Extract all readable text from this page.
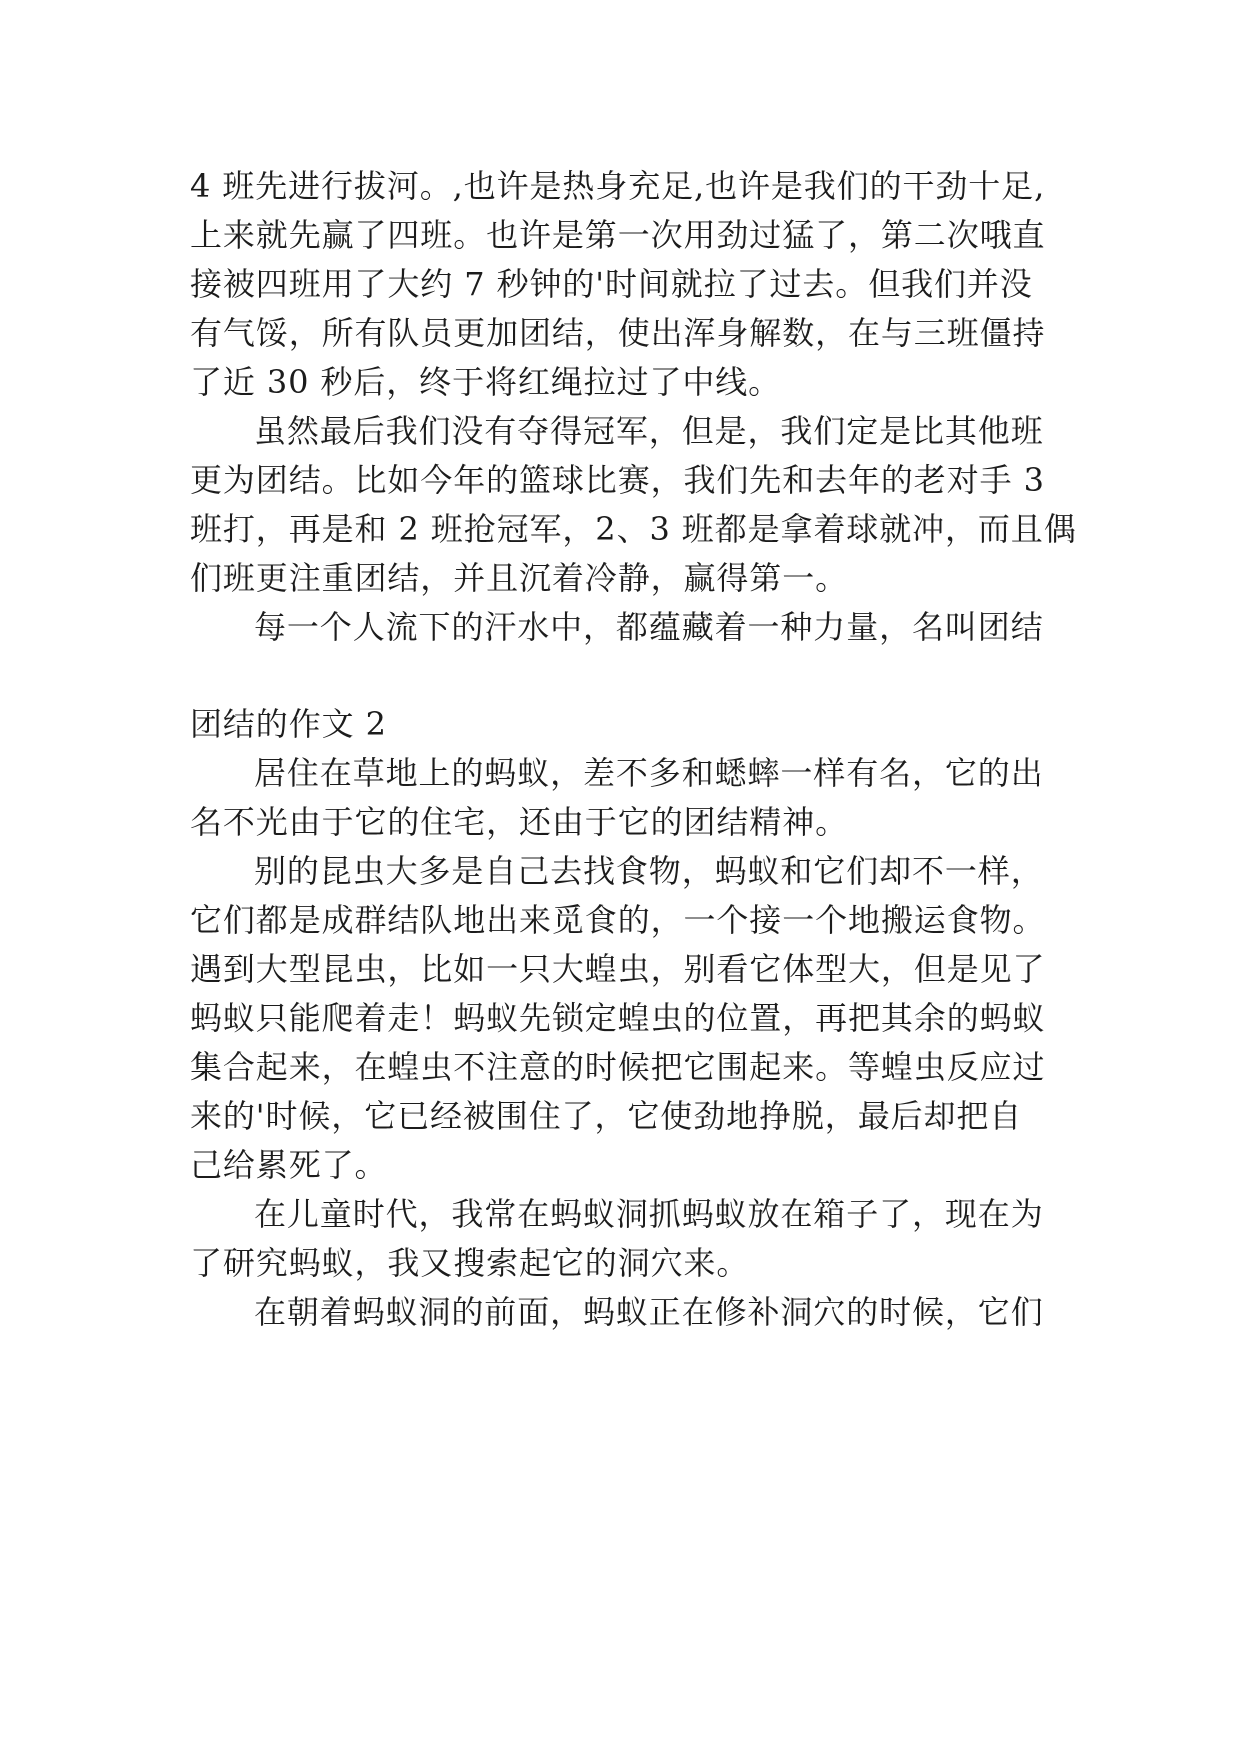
4 班先进行拔河。,也许是热身充足,也许是我们的干劲十足,
上来就先赢了四班。也许是第一次用劲过猛了，第二次哦直
接被四班用了大约 7 秒钟的'时间就拉了过去。但我们并没
有气馁，所有队员更加团结，使出浑身解数，在与三班僵持
了近 30 秒后，终于将红绳拉过了中线。
虽然最后我们没有夺得冠军，但是，我们定是比其他班
更为团结。比如今年的篮球比赛，我们先和去年的老对手 3
班打，再是和 2 班抢冠军，2、3 班都是拿着球就冲，而且偶
们班更注重团结，并且沉着冷静，赢得第一。
每一个人流下的汗水中，都蕴藏着一种力量，名叫团结
团结的作文 2
居住在草地上的蚂蚁，差不多和蟋蟀一样有名，它的出
名不光由于它的住宅，还由于它的团结精神。
别的昆虫大多是自己去找食物，蚂蚁和它们却不一样，
它们都是成群结队地出来觅食的，一个接一个地搬运食物。
遇到大型昆虫，比如一只大蝗虫，别看它体型大，但是见了
蚂蚁只能爬着走！蚂蚁先锁定蝗虫的位置，再把其余的蚂蚁
集合起来，在蝗虫不注意的时候把它围起来。等蝗虫反应过
来的'时候，它已经被围住了，它使劲地挣脱，最后却把自
己给累死了。
在儿童时代，我常在蚂蚁洞抓蚂蚁放在箱子了，现在为
了研究蚂蚁，我又搜索起它的洞穴来。
在朝着蚂蚁洞的前面，蚂蚁正在修补洞穴的时候，它们
